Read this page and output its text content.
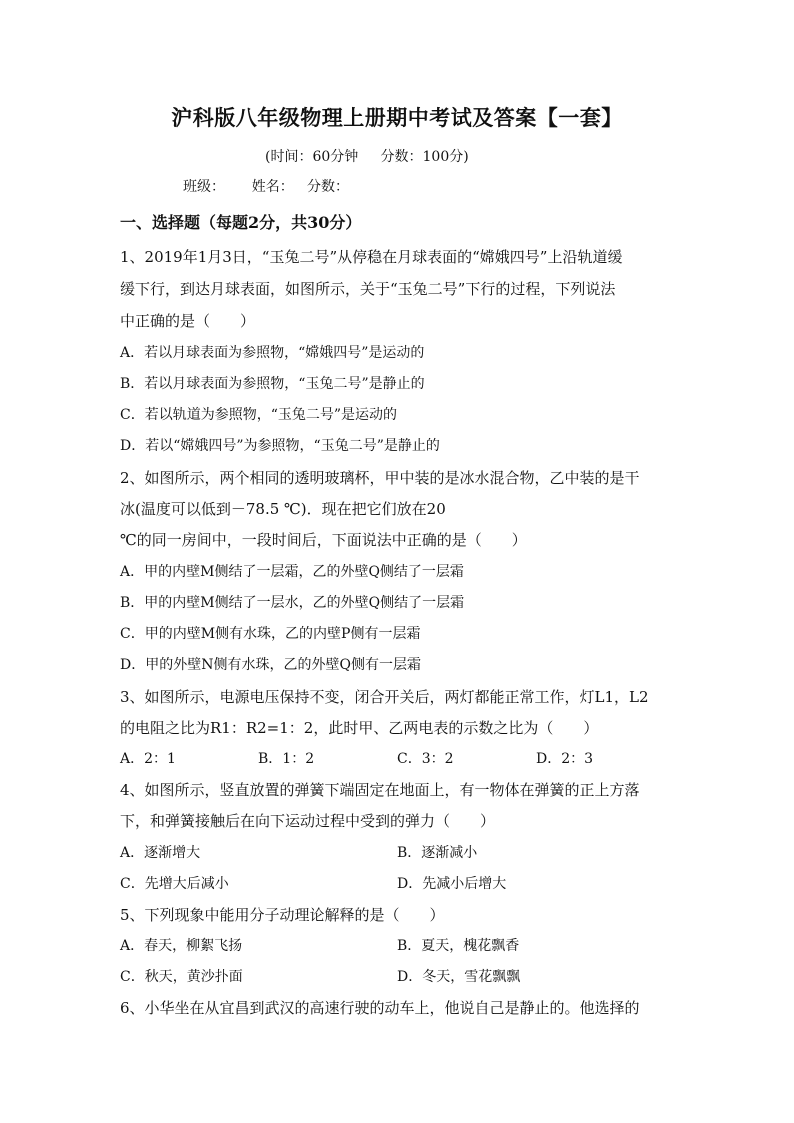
沪科版八年级物理上册期中考试及答案【一套】
(时间：60分钟     分数：100分)
班级：      姓名：   分数：
一、选择题（每题2分，共30分）
1、2019年1月3日，“玉兔二号”从停稳在月球表面的“嫦娥四号”上沿轨道缓
缓下行，到达月球表面，如图所示，关于“玉兔二号”下行的过程，下列说法
中正确的是（　　）
A．若以月球表面为参照物，“嫦娥四号”是运动的
B．若以月球表面为参照物，“玉兔二号”是静止的
C．若以轨道为参照物，“玉兔二号”是运动的
D．若以“嫦娥四号”为参照物，“玉兔二号”是静止的
2、如图所示，两个相同的透明玻璃杯，甲中装的是冰水混合物，乙中装的是干
冰(温度可以低到－78.5 ℃)．现在把它们放在20
℃的同一房间中，一段时间后，下面说法中正确的是（　　）
A．甲的内壁M侧结了一层霜，乙的外壁Q侧结了一层霜
B．甲的内壁M侧结了一层水，乙的外壁Q侧结了一层霜
C．甲的内壁M侧有水珠，乙的内壁P侧有一层霜
D．甲的外壁N侧有水珠，乙的外壁Q侧有一层霜
3、如图所示，电源电压保持不变，闭合开关后，两灯都能正常工作，灯L1，L2
的电阻之比为R1：R2=1：2，此时甲、乙两电表的示数之比为（　　）
A．2：1	B．1：2	C．3：2	D．2：3
4、如图所示，竖直放置的弹簧下端固定在地面上，有一物体在弹簧的正上方落
下，和弹簧接触后在向下运动过程中受到的弹力（　　）
A．逐渐增大	B．逐渐减小
C．先增大后减小	D．先减小后增大
5、下列现象中能用分子动理论解释的是（　　）
A．春天，柳絮飞扬	B．夏天，槐花飘香
C．秋天，黄沙扑面	D．冬天，雪花飘飘
6、小华坐在从宜昌到武汉的高速行驶的动车上，他说自己是静止的。他选择的
